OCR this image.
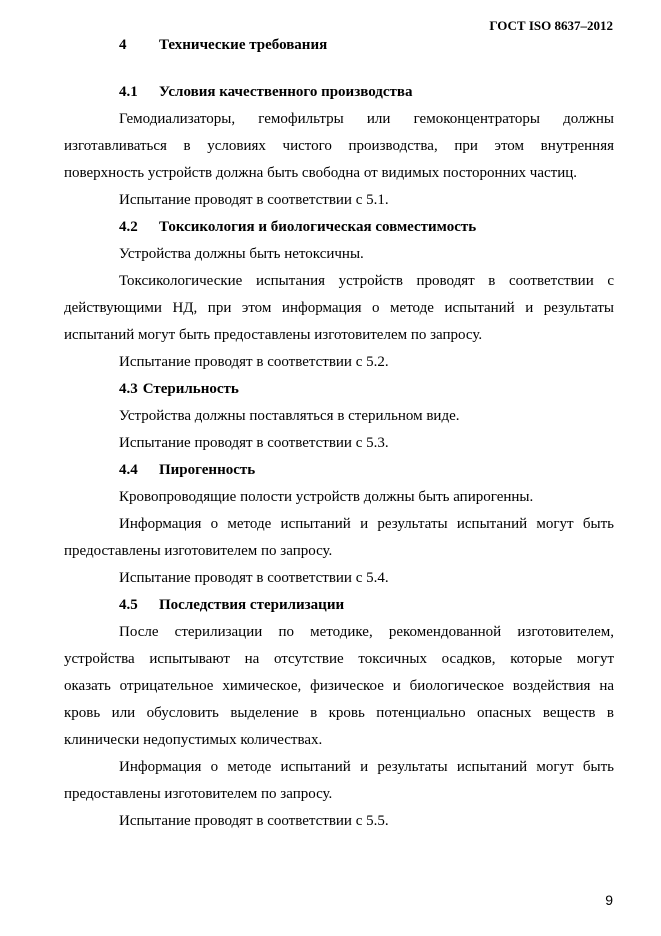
ГОСТ ISO 8637–2012
4 Технические требования
4.1 Условия качественного производства
Гемодиализаторы, гемофильтры или гемоконцентраторы должны
изготавливаться в условиях чистого производства, при этом внутренняя
поверхность устройств должна быть свободна от видимых посторонних частиц.
Испытание проводят в соответствии с 5.1.
4.2 Токсикология и биологическая совместимость
Устройства должны быть нетоксичны.
Токсикологические испытания устройств проводят в соответствии с
действующими НД, при этом информация о методе испытаний и результаты
испытаний могут быть предоставлены изготовителем по запросу.
Испытание проводят в соответствии с 5.2.
4.3 Стерильность
Устройства должны поставляться в стерильном виде.
Испытание проводят в соответствии с 5.3.
4.4 Пирогенность
Кровопроводящие полости устройств должны быть апирогенны.
Информация о методе испытаний и результаты испытаний могут быть
предоставлены изготовителем по запросу.
Испытание проводят в соответствии с 5.4.
4.5 Последствия стерилизации
После стерилизации по методике, рекомендованной изготовителем,
устройства испытывают на отсутствие токсичных осадков, которые могут
оказать отрицательное химическое, физическое и биологическое воздействия на
кровь или обусловить выделение в кровь потенциально опасных веществ в
клинически недопустимых количествах.
Информация о методе испытаний и результаты испытаний могут быть
предоставлены изготовителем по запросу.
Испытание проводят в соответствии с 5.5.
9
